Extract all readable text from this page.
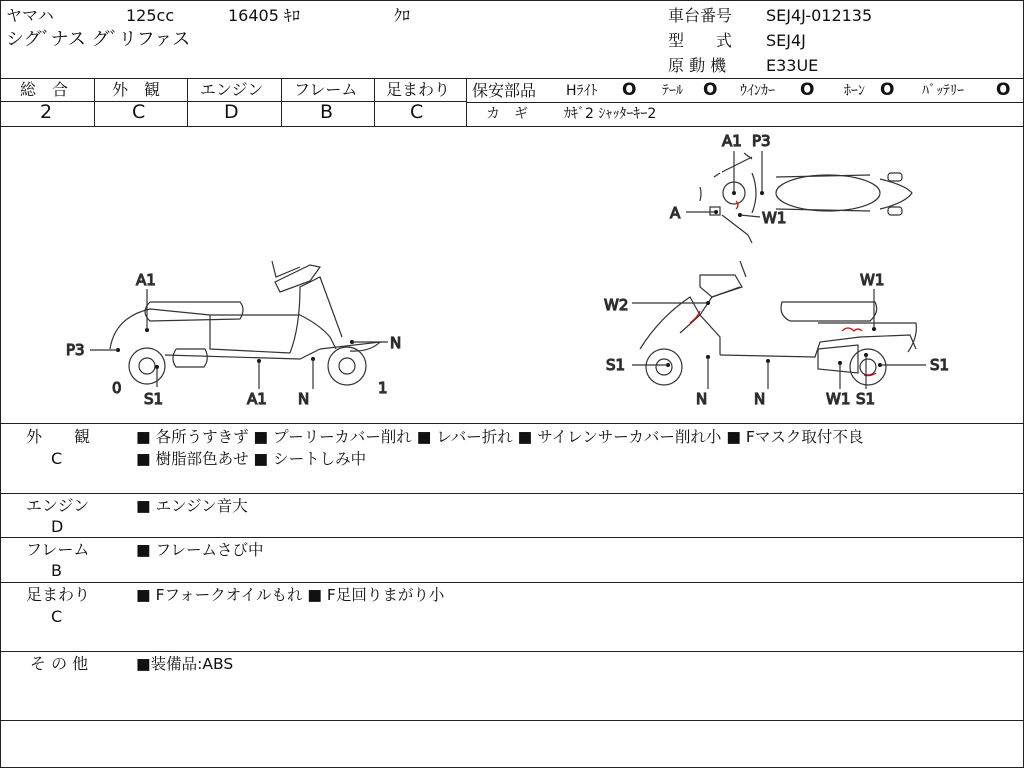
ヤマハ	125cc	16405 ｷﾛ	ｸﾛ
シグﾞナス グﾞリファス
車台番号 SEJ4J-012135
型　　式 SEJ4J
原 動 機 E33UE
総　合
2
外　観
C
エンジン
D
フレーム
B
足まわり
C
保安部品 Hﾗｲﾄ O ﾃｰﾙ O ｳｲﾝｶｰ O ﾎｰﾝ O ﾊﾞｯﾃﾘｰ O
カ　ギ	ｶｷﾞ2 ｼｬｯﾀｰｷｰ2
A1 P3
A	W1
A1
P3	N
0
S1	A1 N
1
W1
W2
S1	S1
N	N	W1 S1
外　　観
C
■ 各所うすきず ■ プーリーカバー削れ ■ レバー折れ ■ サイレンサーカバー削れ小 ■ Fマスク取付不良
■ 樹脂部色あせ ■ シートしみ中
エンジン
D
■ エンジン音大
フレーム
B
■ フレームさび中
足まわり
C
■ Fフォークオイルもれ ■ F足回りまがり小
そ の 他	■装備品:ABS
